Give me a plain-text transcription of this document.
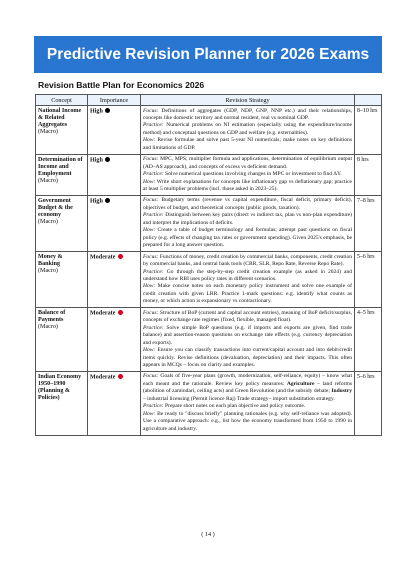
Predictive Revision Planner for 2026 Exams
Revision Battle Plan for Economics 2026
Concept	Importance	Revision Strategy	

National Income & Related Aggregates
(Macro)	High	Focus: Definitions of aggregates (GDP, NDP, GNP, NNP etc.) and their relationships, concepts like domestic territory and normal resident, real vs nominal GDP.
Practice: Numerical problems on NI estimation (especially using the expenditure/income method) and conceptual questions on GDP and welfare (e.g. externalities).
How: Revise formulae and solve past 5-year NI numericals; make notes on key definitions and limitations of GDP.	8–10 hrs

Determination of Income and Employment
(Macro)	High	Focus: MPC, MPS; multiplier formula and applications, determination of equilibrium output (AD–AS approach), and concepts of excess vs deficient demand.
Practice: Solve numerical questions involving changes in MPC or investment to find ΔY.
How: Write short explanations for concepts like inflationary gap vs deflationary gap; practice at least 5 multiplier problems (incl. those asked in 2023–25).	8 hrs

Government Budget & the economy
(Macro)	High	Focus: Budgetary terms (revenue vs capital expenditure, fiscal deficit, primary deficit), objectives of budget, and theoretical concepts (public goods, taxation).
Practice: Distinguish between key pairs (direct vs indirect tax, plan vs non-plan expenditure) and interpret the implications of deficits.
How: Create a table of budget terminology and formulas; attempt past questions on fiscal policy (e.g. effects of changing tax rates or government spending). Given 2025's emphasis, be prepared for a long answer question.	7–8 hrs

Money & Banking
(Macro)	Moderate	Focus: Functions of money, credit creation by commercial banks, components, credit creation by commercial banks, and central bank tools (CRR, SLR, Repo Rate, Reverse Repo Rate).
Practice: Go through the step-by-step credit creation example (as asked in 2024) and understand how RBI uses policy rates in different scenarios.
How: Make concise notes on each monetary policy instrument and solve one example of credit creation with given LRR. Practice 1-mark questions: e.g. identify what counts as money, or which action is expansionary vs contractionary.	5–6 hrs

Balance of Payments
(Macro)	Moderate	Focus: Structure of BoP (current and capital account entries), meaning of BoP deficit/surplus, concepts of exchange rate regimes (fixed, flexible, managed float).
Practice: Solve simple BoP questions (e.g. if imports and exports are given, find trade balance) and assertion-reason questions on exchange rate effects (e.g. currency depreciation and exports).
How: Ensure you can classify transactions into current/capital account and into debit/credit items quickly. Revise definitions (devaluation, depreciation) and their impacts. This often appears in MCQs – focus on clarity and examples.	4–5 hrs

Indian Economy 1950–1990 (Planning & Policies)	Moderate	Focus: Goals of five-year plans (growth, modernization, self-reliance, equity) – know what each meant and the rationale. Review key policy measures: Agriculture – land reforms (abolition of zamindari, ceiling acts) and Green Revolution (and the subsidy debate; Industry – industrial licensing (Permit licence Raj) Trade strategy– import substitution strategy.
Practice: Prepare short notes on each plan objective and policy outcome.
How: Be ready to "discuss briefly" planning rationales (e.g. why self-reliance was adopted). Use a comparative approach: e.g., list how the economy transformed from 1950 to 1990 in agriculture and industry.	5–6 hrs
( 14 )
